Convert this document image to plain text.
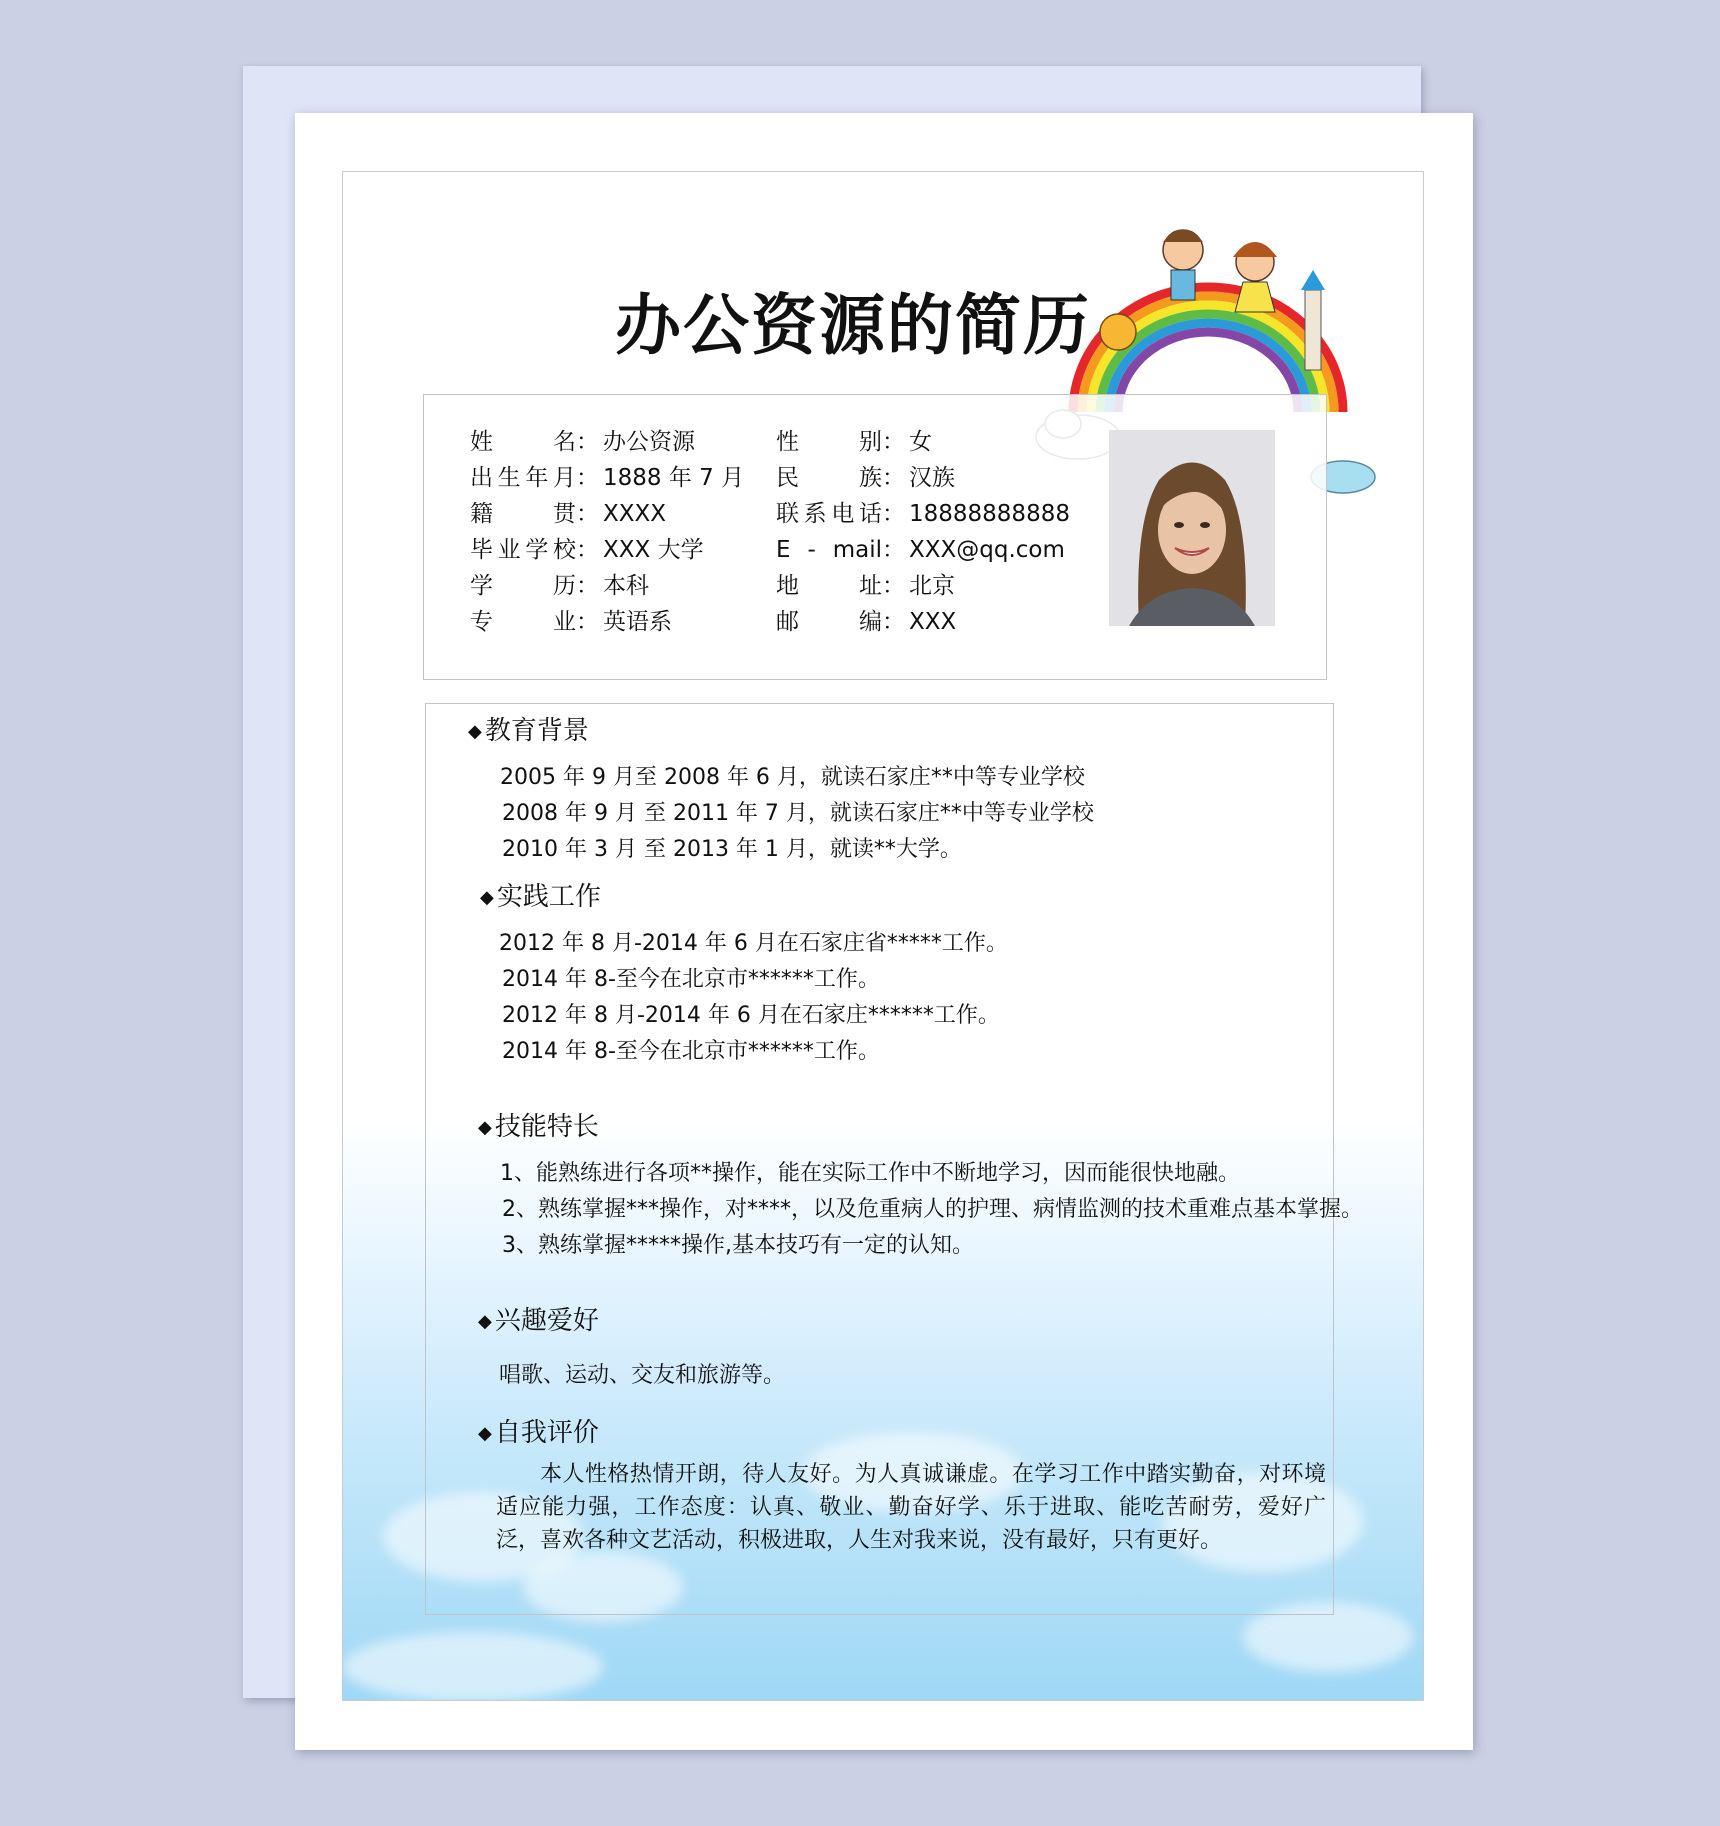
办公资源的简历
姓名： 办公资源
出生年月： 1888 年 7 月
籍贯： XXXX
毕业学校： XXX 大学
学历： 本科
专业： 英语系
性别： 女
民族： 汉族
联系电话： 18888888888
E - mail： XXX@qq.com
地址： 北京
邮编： XXX
◆ 教育背景
2005 年 9 月至 2008 年 6 月，就读石家庄**中等专业学校
2008 年 9 月 至 2011 年 7 月，就读石家庄**中等专业学校
2010 年 3 月 至 2013 年 1 月，就读**大学。
◆ 实践工作
2012 年 8 月-2014 年 6 月在石家庄省*****工作。
2014 年 8-至今在北京市******工作。
2012 年 8 月-2014 年 6 月在石家庄******工作。
2014 年 8-至今在北京市******工作。
◆ 技能特长
1、能熟练进行各项**操作，能在实际工作中不断地学习，因而能很快地融。
2、熟练掌握***操作，对****，以及危重病人的护理、病情监测的技术重难点基本掌握。
3、熟练掌握*****操作,基本技巧有一定的认知。
◆ 兴趣爱好
唱歌、运动、交友和旅游等。
◆ 自我评价
本人性格热情开朗，待人友好。为人真诚谦虚。在学习工作中踏实勤奋，对环境适应能力强，工作态度：认真、敬业、勤奋好学、乐于进取、能吃苦耐劳，爱好广泛，喜欢各种文艺活动，积极进取，人生对我来说，没有最好，只有更好。
